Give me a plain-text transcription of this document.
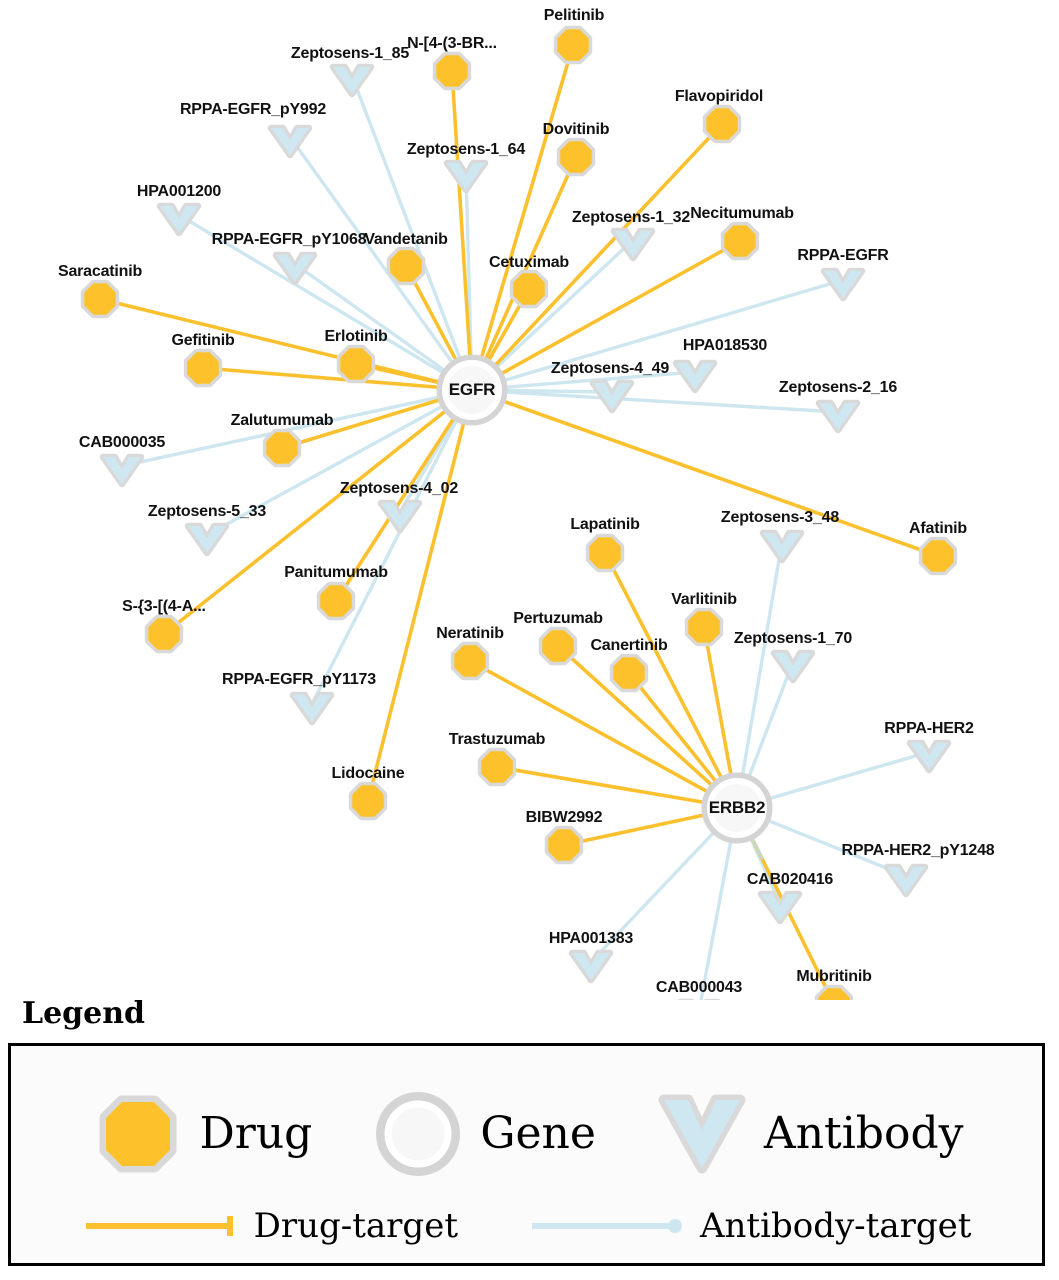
Pelitinib
N-[4-(3-BR...
Flavopiridol
Dovitinib
Necitumumab
Vandetanib
Cetuximab
Saracatinib
Gefitinib	Erlotinib
Zalutumumab
Afatinib
Lapatinib
Varlitinib
Panitumumab
S-{3-[(4-A...
Pertuzumab
Neratinib
Canertinib
Trastuzumab
Lidocaine
BIBW2992
Mubritinib
Zeptosens-1_85
RPPA-EGFR_pY992
Zeptosens-1_64
HPA001200
Zeptosens-1_32
RPPA-EGFR_pY1068
RPPA-EGFR
HPA018530
Zeptosens-4_49
Zeptosens-2_16
CAB000035
Zeptosens-4_02
Zeptosens-5_33	Zeptosens-3_48
Zeptosens-1_70
RPPA-EGFR_pY1173
RPPA-HER2
RPPA-HER2_pY1248
CAB020416
HPA001383
CAB000043
EGFR
ERBB2
Legend
Drug	Gene	Antibody
Drug-target	Antibody-target
